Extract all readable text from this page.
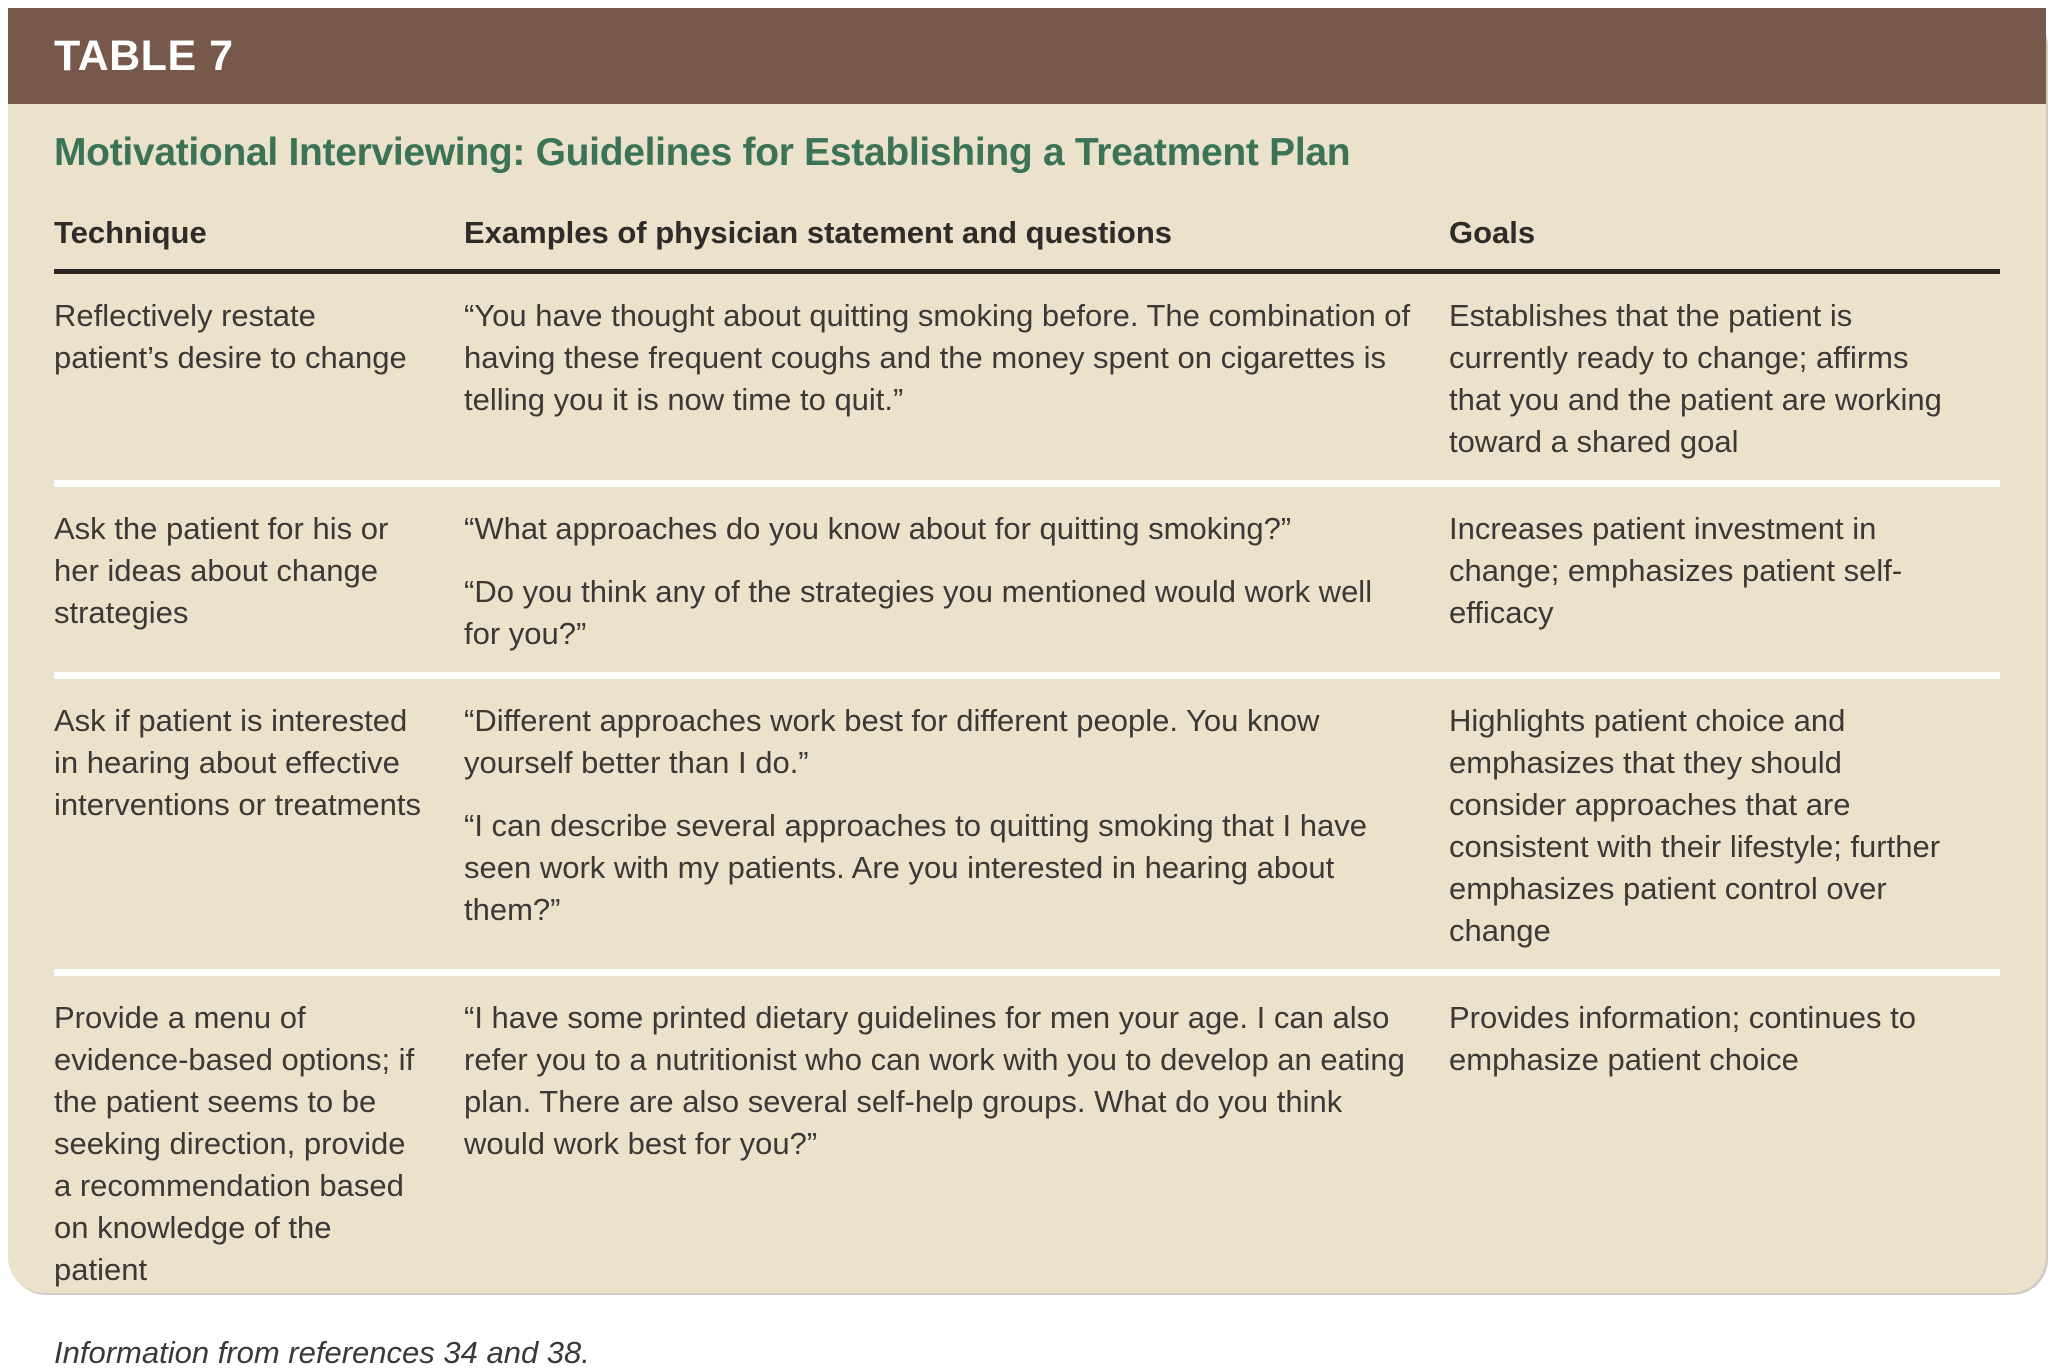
TABLE 7
Motivational Interviewing: Guidelines for Establishing a Treatment Plan
Technique	Examples of physician statement and questions	Goals

Reflectively restate patient’s desire to change

“You have thought about quitting smoking before. The combination of having these frequent coughs and the money spent on cigarettes is telling you it is now time to quit.”

Establishes that the patient is currently ready to change; affirms that you and the patient are working toward a shared goal

Ask the patient for his or her ideas about change strategies

“What approaches do you know about for quitting smoking?”

“Do you think any of the strategies you mentioned would work well for you?”

Increases patient investment in change; emphasizes patient self-efficacy

Ask if patient is interested in hearing about effective interventions or treatments

“Different approaches work best for different people. You know yourself better than I do.”

“I can describe several approaches to quitting smoking that I have seen work with my patients. Are you interested in hearing about them?”

Highlights patient choice and emphasizes that they should consider approaches that are consistent with their lifestyle; further emphasizes patient control over change

Provide a menu of evidence-based options; if the patient seems to be seeking direction, provide a recommendation based on knowledge of the patient

“I have some printed dietary guidelines for men your age. I can also refer you to a nutritionist who can work with you to develop an eating plan. There are also several self-help groups. What do you think would work best for you?”

Provides information; continues to emphasize patient choice

Information from references 34 and 38.
